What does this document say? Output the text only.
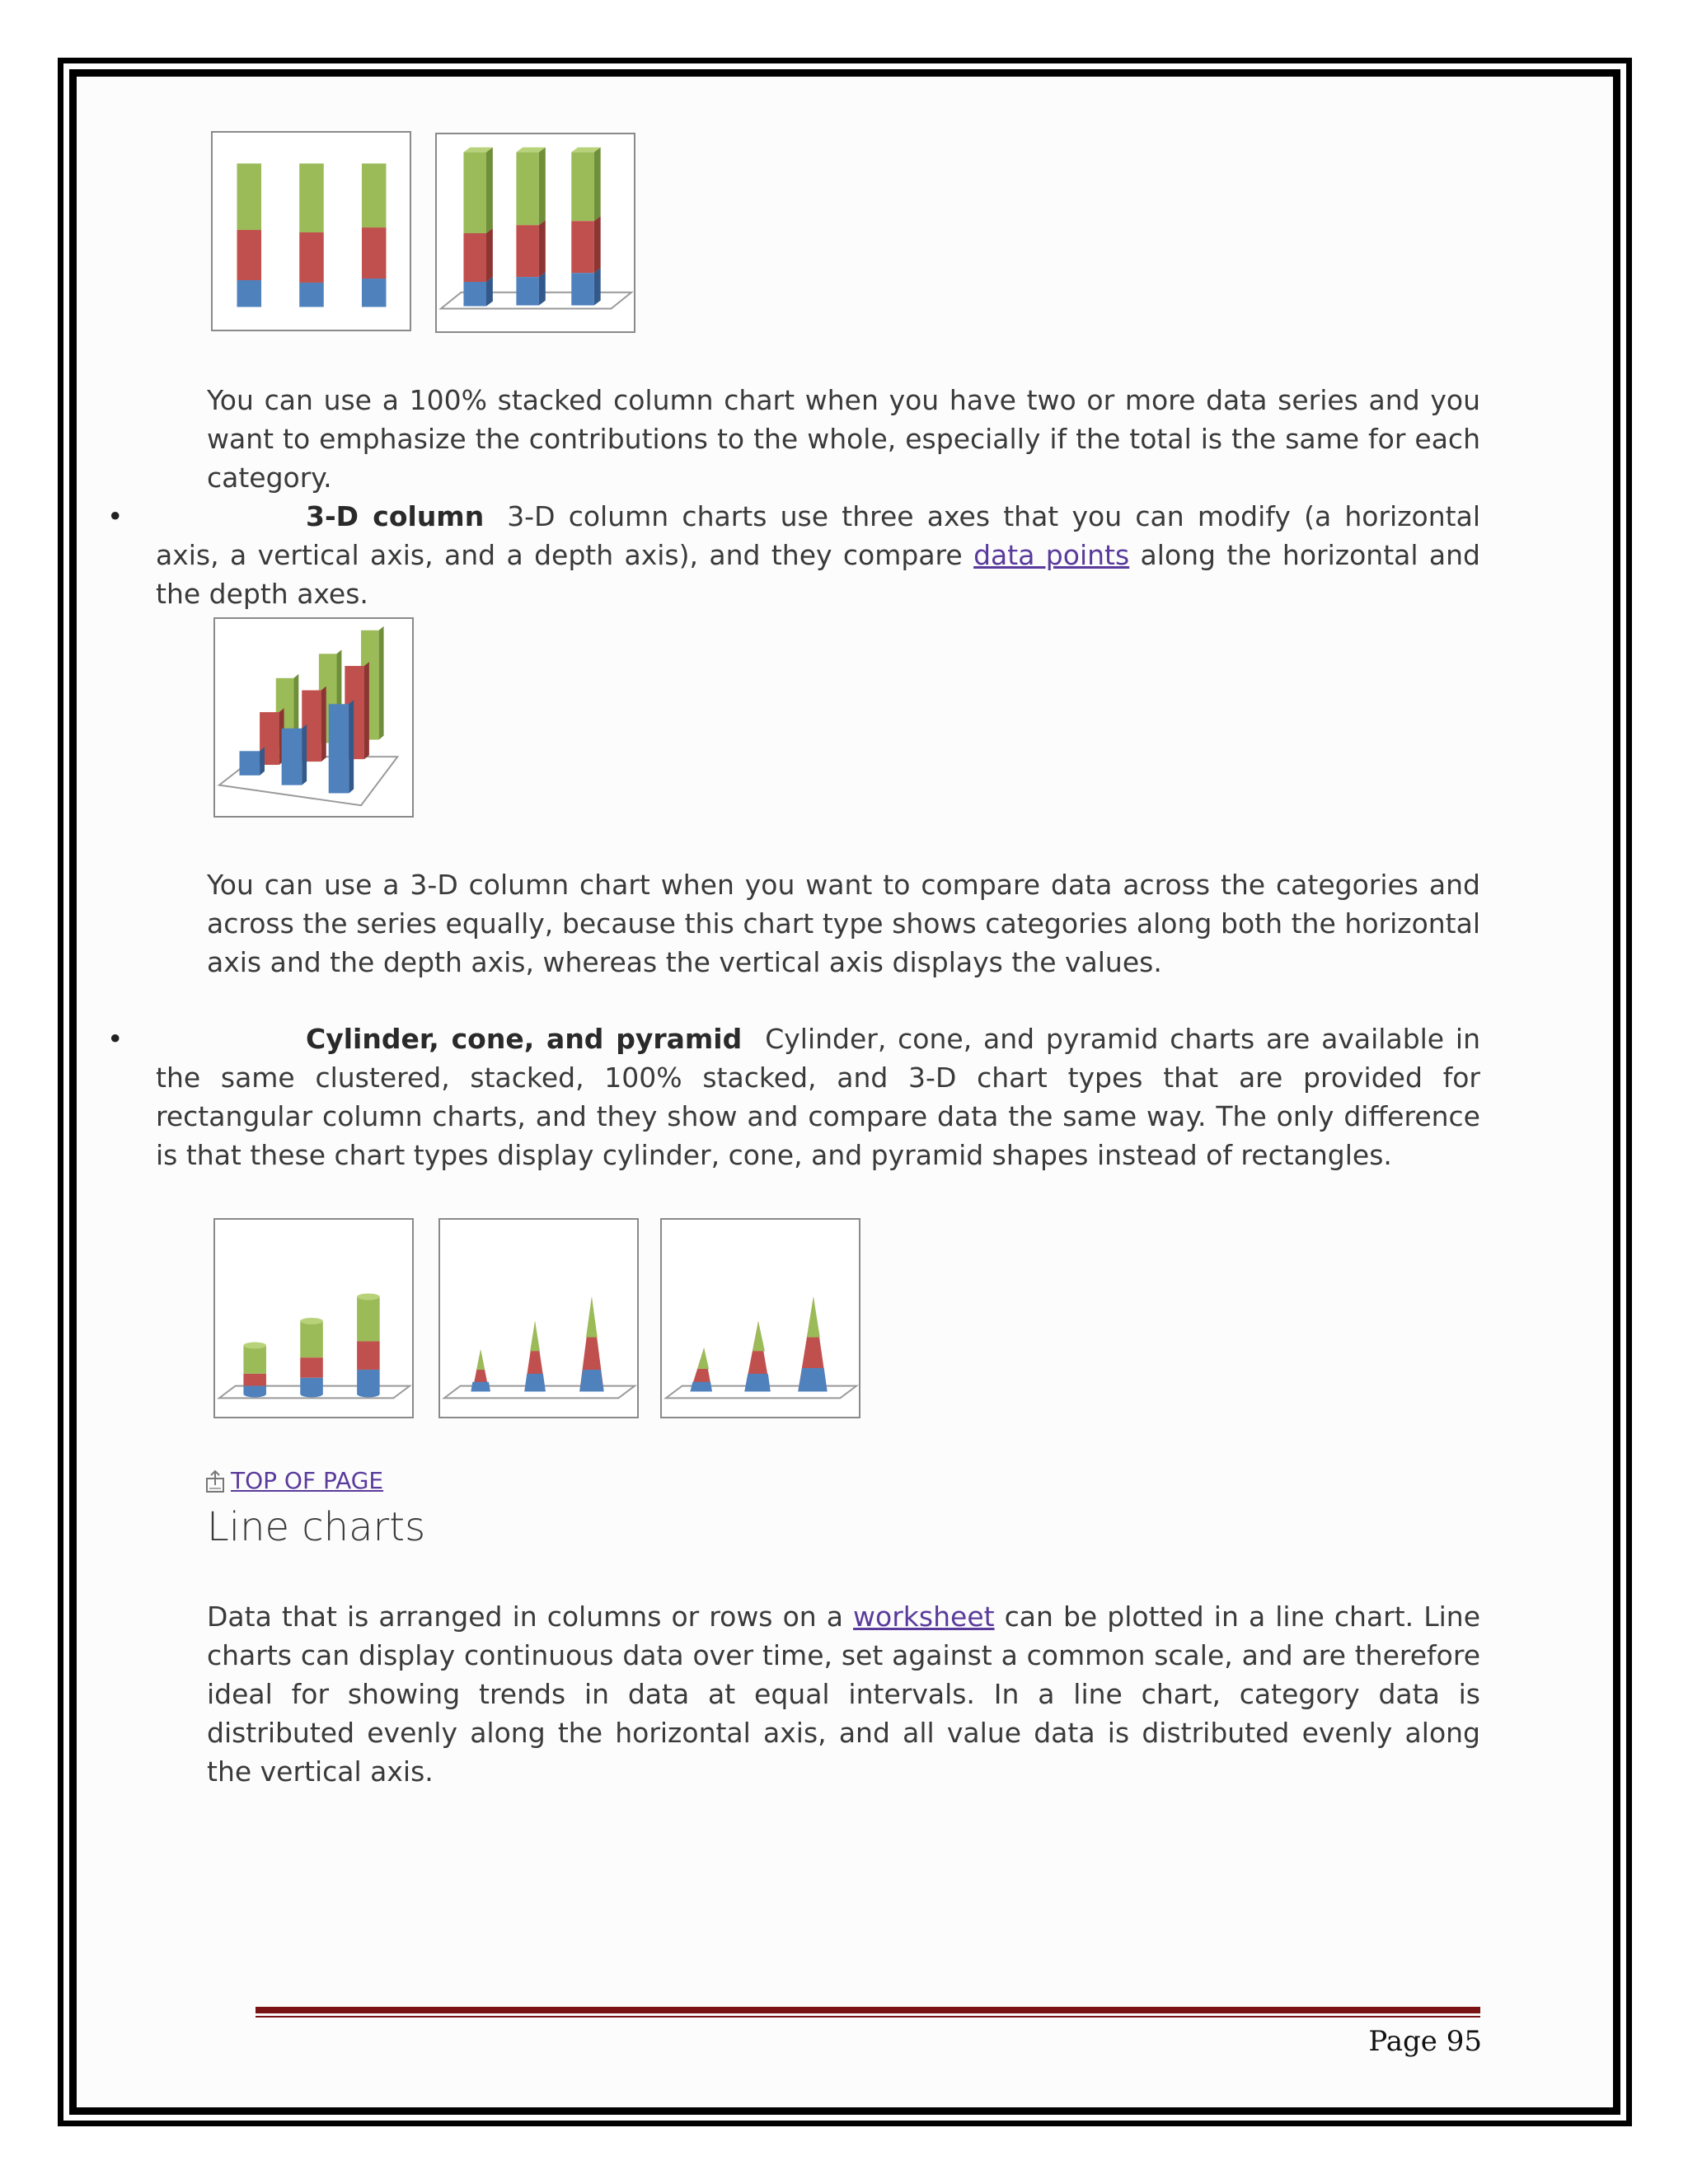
You can use a 100% stacked column chart when you have two or more data series and you want to emphasize the contributions to the whole, especially if the total is the same for each category.
•	3-D column 3-D column charts use three axes that you can modify (a horizontal axis, a vertical axis, and a depth axis), and they compare data points along the horizontal and the depth axes.
You can use a 3-D column chart when you want to compare data across the categories and across the series equally, because this chart type shows categories along both the horizontal axis and the depth axis, whereas the vertical axis displays the values.
•	Cylinder, cone, and pyramid Cylinder, cone, and pyramid charts are available in the same clustered, stacked, 100% stacked, and 3-D chart types that are provided for rectangular column charts, and they show and compare data the same way. The only difference is that these chart types display cylinder, cone, and pyramid shapes instead of rectangles.
TOP OF PAGE
Line charts
Data that is arranged in columns or rows on a worksheet can be plotted in a line chart. Line charts can display continuous data over time, set against a common scale, and are therefore ideal for showing trends in data at equal intervals. In a line chart, category data is distributed evenly along the horizontal axis, and all value data is distributed evenly along the vertical axis.
Page 95
